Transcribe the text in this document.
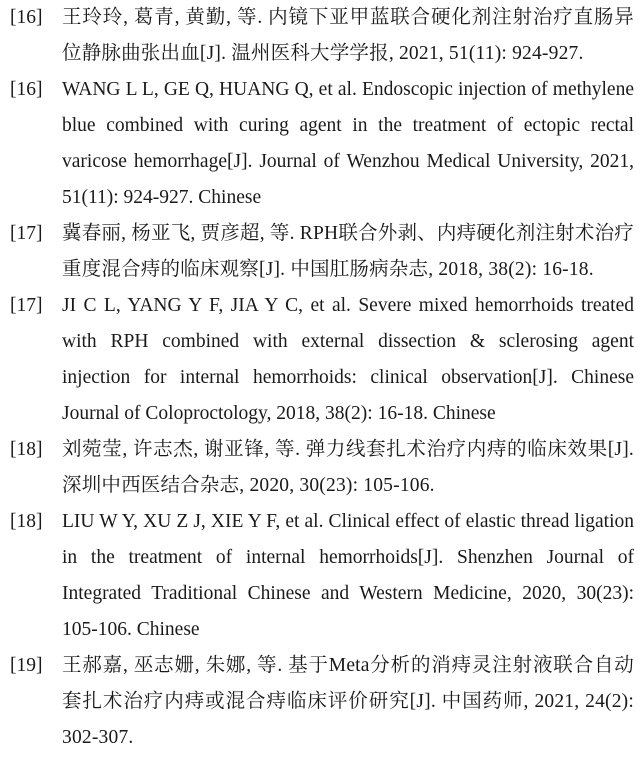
[16] 王玲玲, 葛青, 黄勤, 等. 内镜下亚甲蓝联合硬化剂注射治疗直肠异位静脉曲张出血[J]. 温州医科大学学报, 2021, 51(11): 924-927.
[16] WANG L L, GE Q, HUANG Q, et al. Endoscopic injection of methylene blue combined with curing agent in the treatment of ectopic rectal varicose hemorrhage[J]. Journal of Wenzhou Medical University, 2021, 51(11): 924-927. Chinese
[17] 冀春丽, 杨亚飞, 贾彦超, 等. RPH联合外剥、内痔硬化剂注射术治疗重度混合痔的临床观察[J]. 中国肛肠病杂志, 2018, 38(2): 16-18.
[17] JI C L, YANG Y F, JIA Y C, et al. Severe mixed hemorrhoids treated with RPH combined with external dissection & sclerosing agent injection for internal hemorrhoids: clinical observation[J]. Chinese Journal of Coloproctology, 2018, 38(2): 16-18. Chinese
[18] 刘菀莹, 许志杰, 谢亚锋, 等. 弹力线套扎术治疗内痔的临床效果[J]. 深圳中西医结合杂志, 2020, 30(23): 105-106.
[18] LIU W Y, XU Z J, XIE Y F, et al. Clinical effect of elastic thread ligation in the treatment of internal hemorrhoids[J]. Shenzhen Journal of Integrated Traditional Chinese and Western Medicine, 2020, 30(23): 105-106. Chinese
[19] 王郝嘉, 巫志姗, 朱娜, 等. 基于Meta分析的消痔灵注射液联合自动套扎术治疗内痔或混合痔临床评价研究[J]. 中国药师, 2021, 24(2): 302-307.
